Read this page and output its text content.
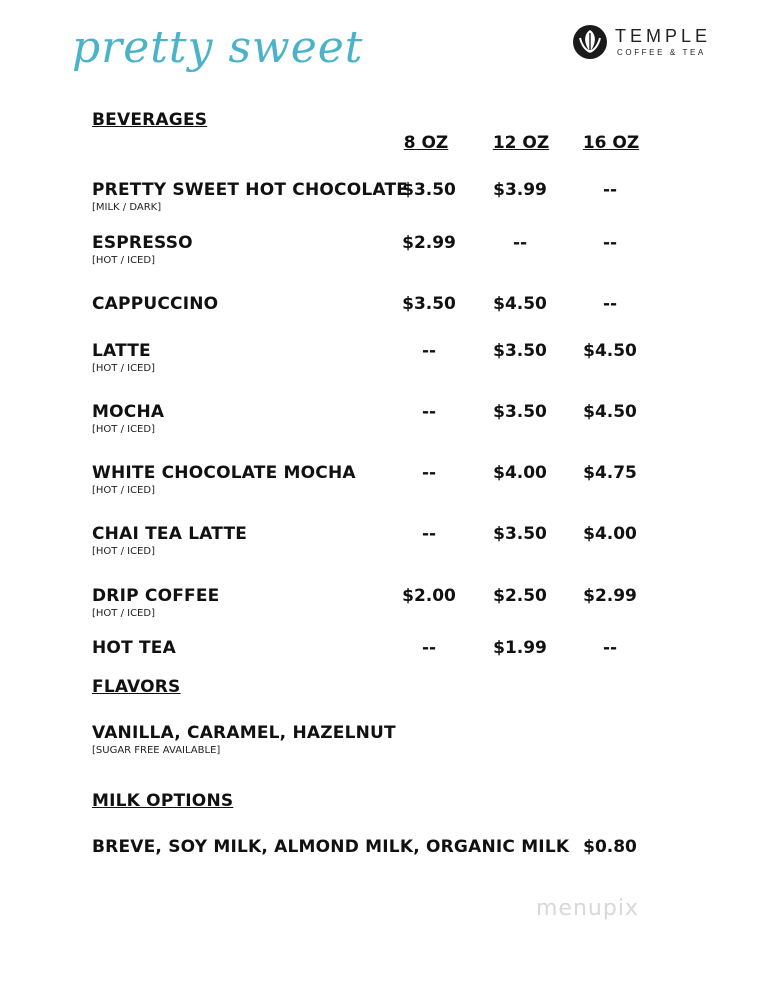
pretty sweet	TEMPLE
COFFEE & TEA
BEVERAGES
8 OZ	12 OZ	16 OZ
PRETTY SWEET HOT CHOCOLATE
[MILK / DARK]
$3.50	$3.99	--
ESPRESSO
[HOT / ICED]
$2.99	--	--
CAPPUCCINO	$3.50	$4.50	--
LATTE
[HOT / ICED]
--	$3.50	$4.50
MOCHA
[HOT / ICED]
--	$3.50	$4.50
WHITE CHOCOLATE MOCHA
[HOT / ICED]
--	$4.00	$4.75
CHAI TEA LATTE
[HOT / ICED]
--	$3.50	$4.00
DRIP COFFEE
[HOT / ICED]
$2.00	$2.50	$2.99
HOT TEA	--	$1.99	--
FLAVORS
VANILLA, CARAMEL, HAZELNUT
[SUGAR FREE AVAILABLE]
MILK OPTIONS
BREVE, SOY MILK, ALMOND MILK, ORGANIC MILK $0.80
menupix
